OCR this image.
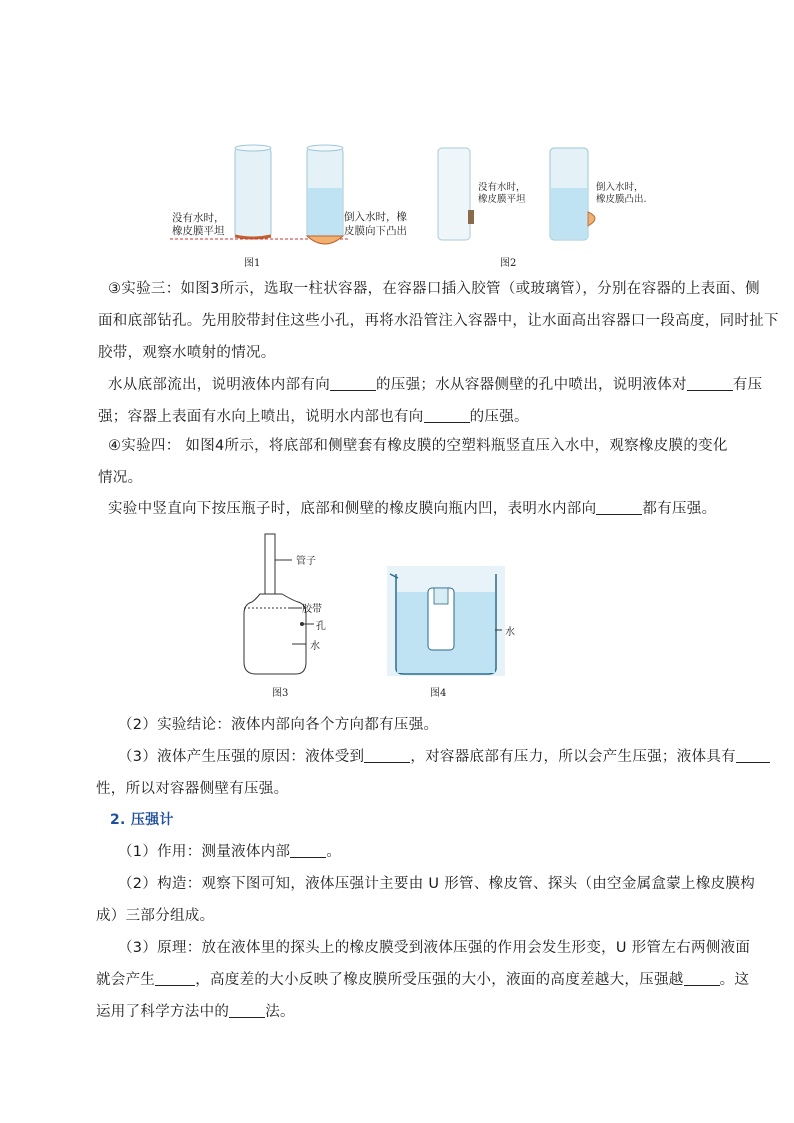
没有水时，
橡皮膜平坦
倒入水时，橡
皮膜向下凸出
图1
没有水时，
橡皮膜平坦
倒入水时，
橡皮膜凸出.
图2
③实验三：如图3所示，选取一柱状容器，在容器口插入胶管（或玻璃管），分别在容器的上表面、侧
面和底部钻孔。先用胶带封住这些小孔，再将水沿管注入容器中，让水面高出容器口一段高度，同时扯下
胶带，观察水喷射的情况。
水从底部流出，说明液体内部有向	的压强；水从容器侧壁的孔中喷出，说明液体对	有压
强；容器上表面有水向上喷出，说明水内部也有向	的压强。
④实验四： 如图4所示，将底部和侧壁套有橡皮膜的空塑料瓶竖直压入水中，观察橡皮膜的变化
情况。
实验中竖直向下按压瓶子时，底部和侧壁的橡皮膜向瓶内凹，表明水内部向	都有压强。
管子
胶带
孔
水
图3
水
图4
（2）实验结论：液体内部向各个方向都有压强。
（3）液体产生压强的原因：液体受到	，对容器底部有压力，所以会产生压强；液体具有
性，所以对容器侧壁有压强。
2. 压强计
（1）作用：测量液体内部 。
（2）构造：观察下图可知，液体压强计主要由 U 形管、橡皮管、探头（由空金属盒蒙上橡皮膜构
成）三部分组成。
（3）原理：放在液体里的探头上的橡皮膜受到液体压强的作用会发生形变，U 形管左右两侧液面
就会产生	，高度差的大小反映了橡皮膜所受压强的大小，液面的高度差越大，压强越 。这
运用了科学方法中的 法。
